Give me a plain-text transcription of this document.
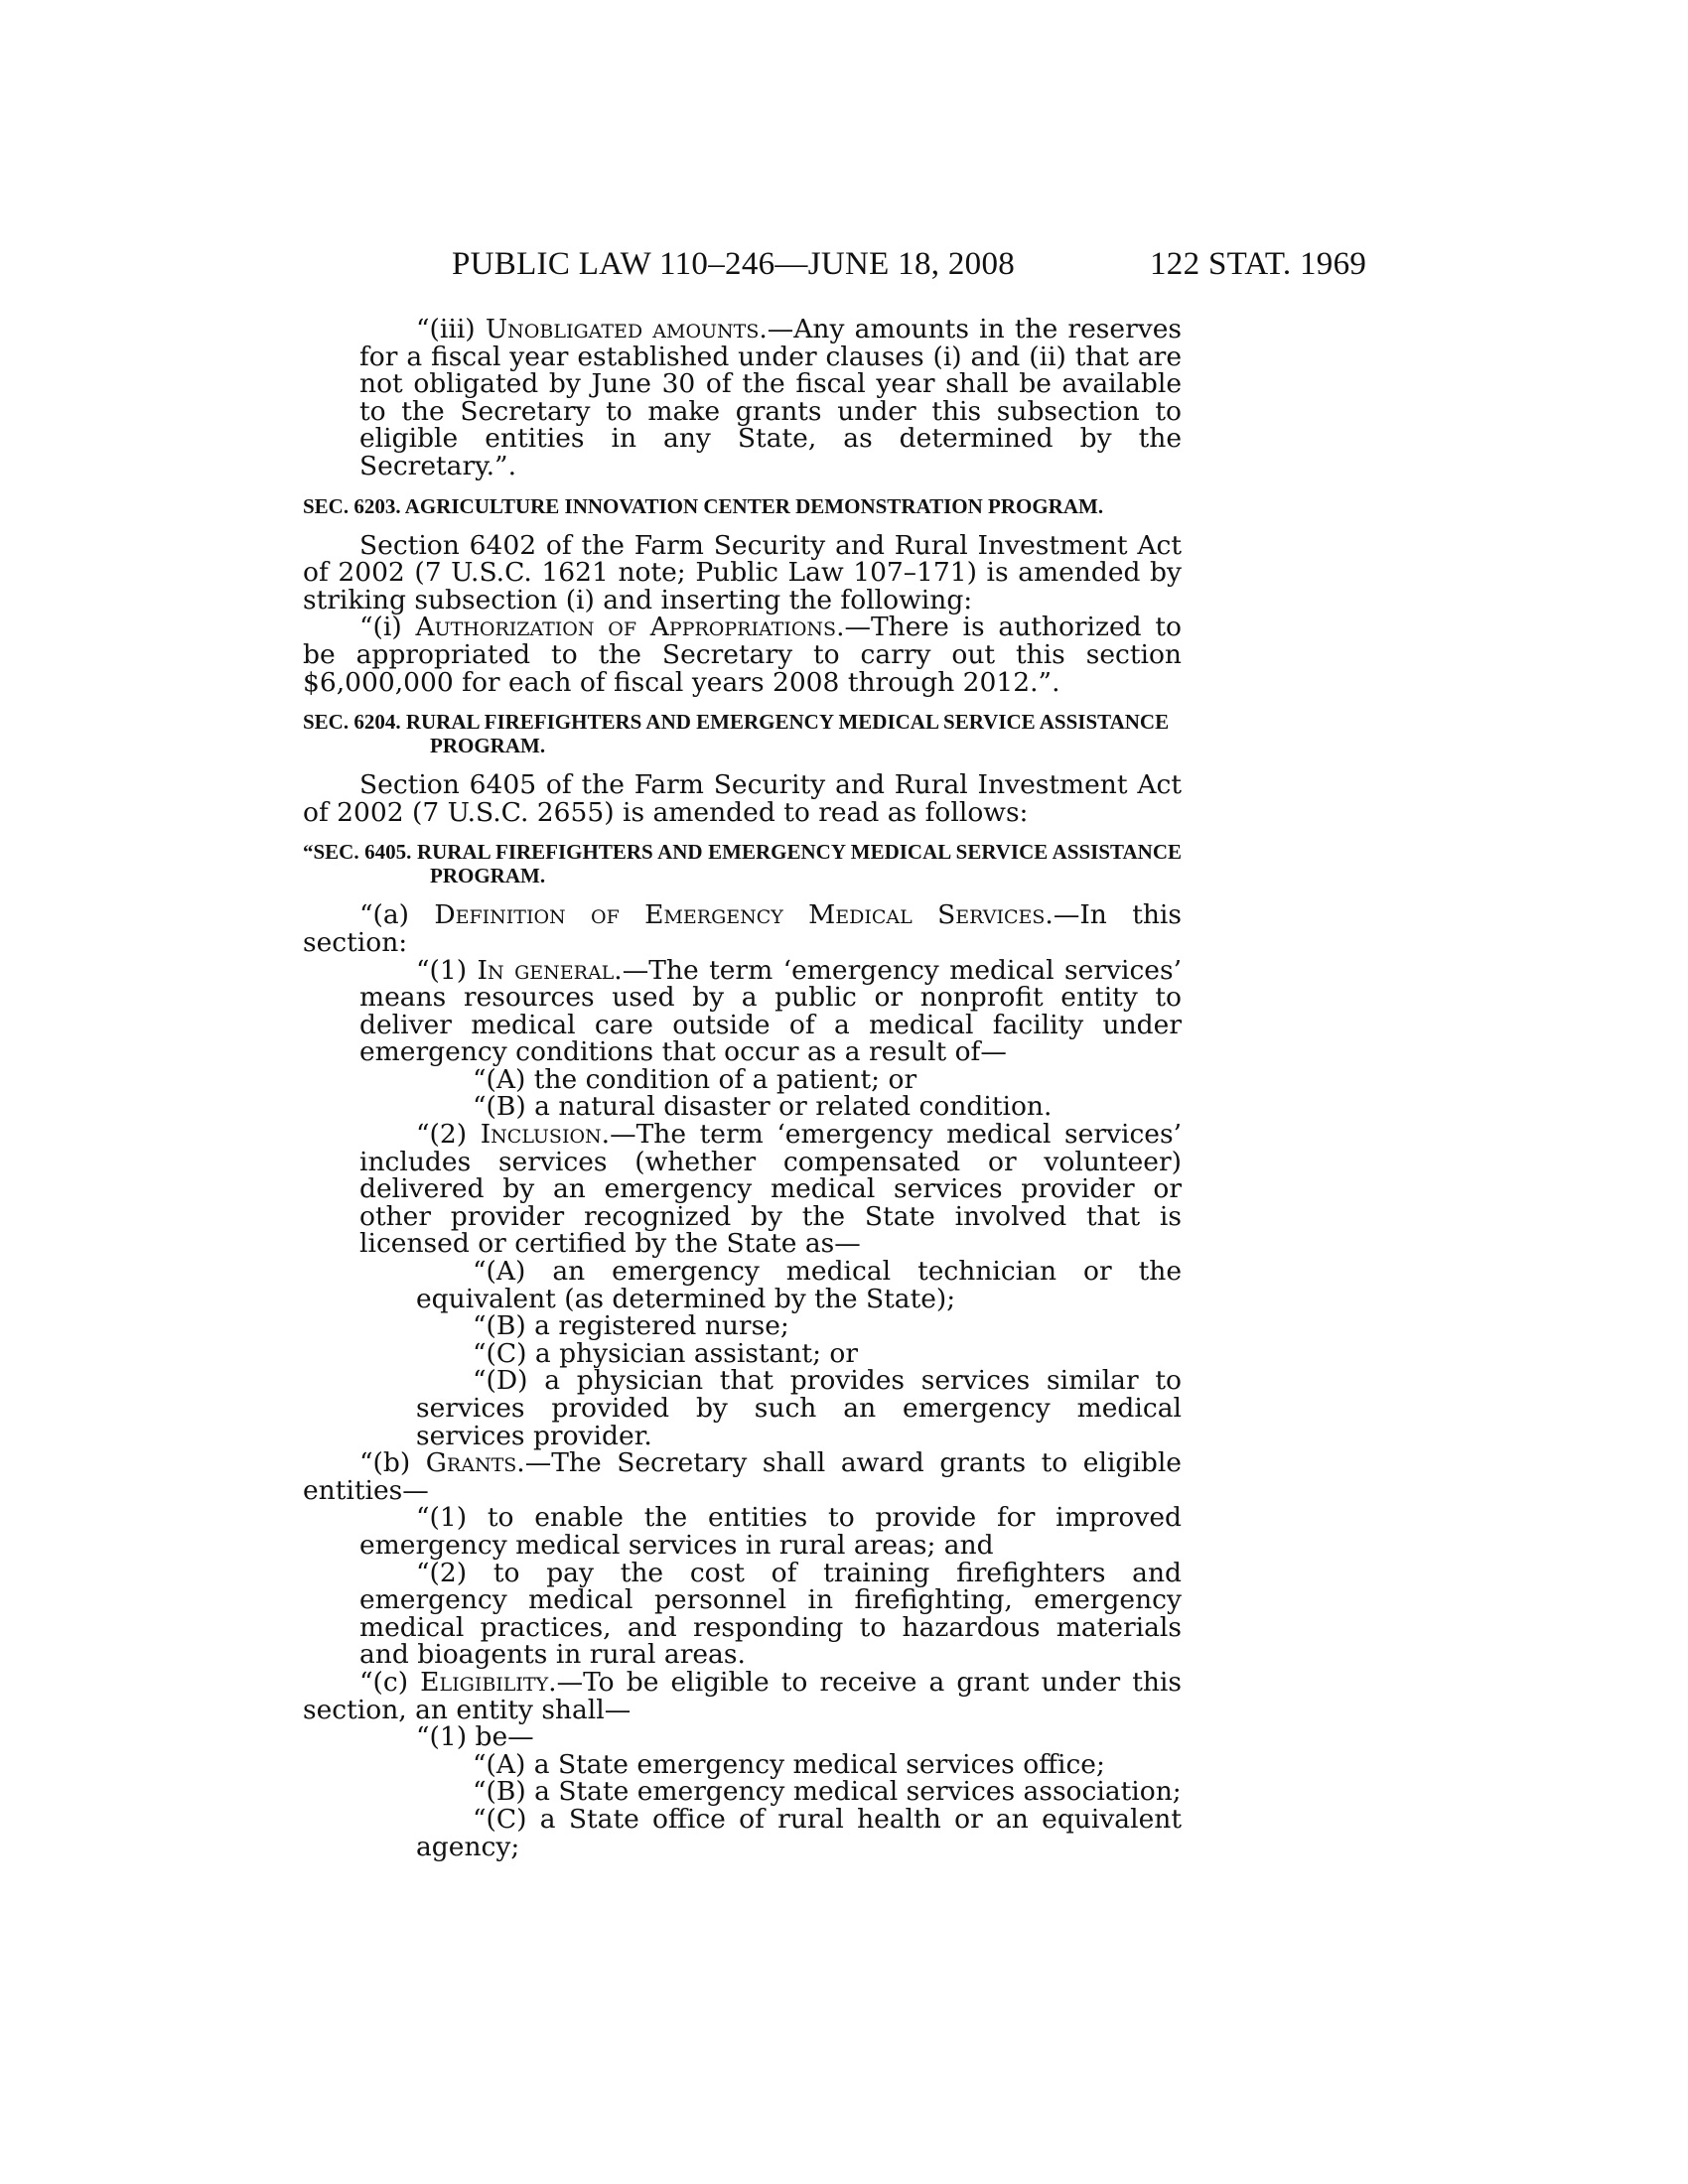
PUBLIC LAW 110–246—JUNE 18, 2008	122 STAT. 1969

“(iii) Unobligated amounts.—Any amounts in the reserves for a fiscal year established under clauses (i) and (ii) that are not obligated by June 30 of the fiscal year shall be available to the Secretary to make grants under this subsection to eligible entities in any State, as determined by the Secretary.”.

SEC. 6203. AGRICULTURE INNOVATION CENTER DEMONSTRATION PROGRAM.

Section 6402 of the Farm Security and Rural Investment Act of 2002 (7 U.S.C. 1621 note; Public Law 107–171) is amended by striking subsection (i) and inserting the following:

“(i) Authorization of Appropriations.—There is authorized to be appropriated to the Secretary to carry out this section $6,000,000 for each of fiscal years 2008 through 2012.”.

SEC. 6204. RURAL FIREFIGHTERS AND EMERGENCY MEDICAL SERVICE ASSISTANCE PROGRAM.

Section 6405 of the Farm Security and Rural Investment Act of 2002 (7 U.S.C. 2655) is amended to read as follows:

“SEC. 6405. RURAL FIREFIGHTERS AND EMERGENCY MEDICAL SERVICE ASSISTANCE PROGRAM.

“(a) Definition of Emergency Medical Services.—In this section:

“(1) In general.—The term ‘emergency medical services’ means resources used by a public or nonprofit entity to deliver medical care outside of a medical facility under emergency conditions that occur as a result of—

“(A) the condition of a patient; or

“(B) a natural disaster or related condition.

“(2) Inclusion.—The term ‘emergency medical services’ includes services (whether compensated or volunteer) delivered by an emergency medical services provider or other provider recognized by the State involved that is licensed or certified by the State as—

“(A) an emergency medical technician or the equivalent (as determined by the State);

“(B) a registered nurse;

“(C) a physician assistant; or

“(D) a physician that provides services similar to services provided by such an emergency medical services provider.

“(b) Grants.—The Secretary shall award grants to eligible entities—

“(1) to enable the entities to provide for improved emergency medical services in rural areas; and

“(2) to pay the cost of training firefighters and emergency medical personnel in firefighting, emergency medical practices, and responding to hazardous materials and bioagents in rural areas.

“(c) Eligibility.—To be eligible to receive a grant under this section, an entity shall—

“(1) be—

“(A) a State emergency medical services office;

“(B) a State emergency medical services association;

“(C) a State office of rural health or an equivalent agency;
